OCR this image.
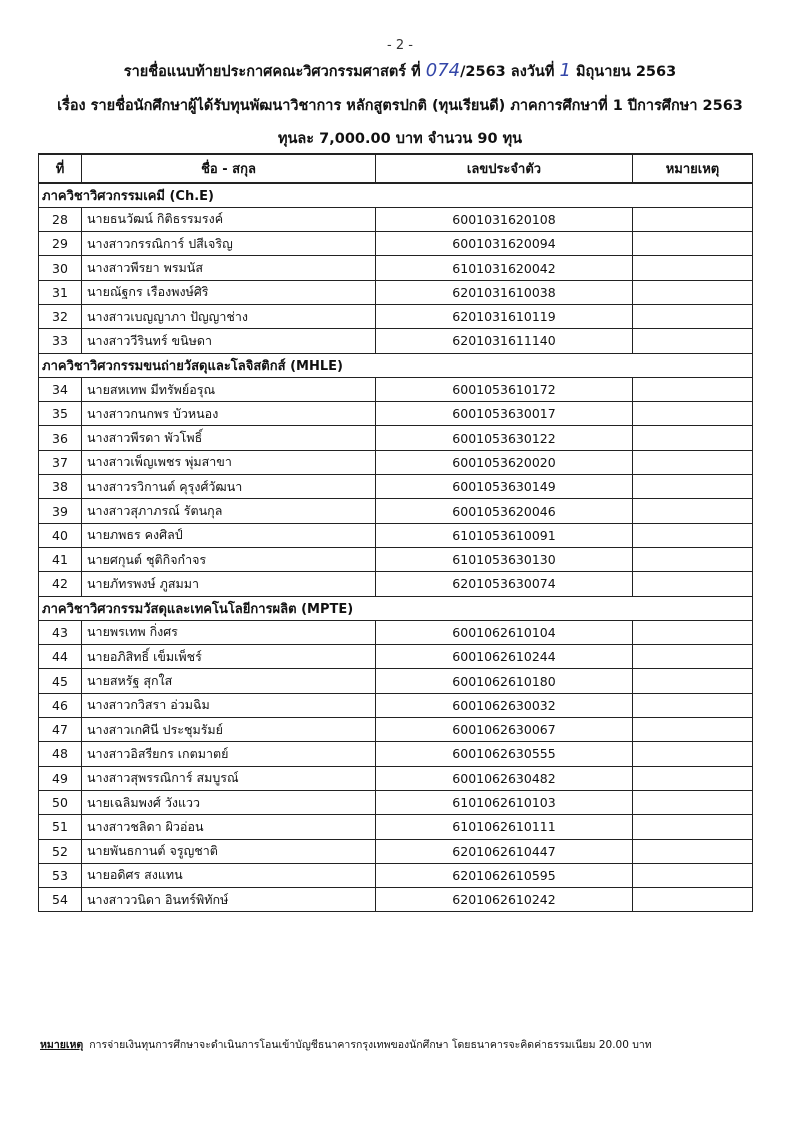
- 2 -
รายชื่อแนบท้ายประกาศคณะวิศวกรรมศาสตร์ ที่ 074/2563 ลงวันที่ 1 มิถุนายน 2563
เรื่อง รายชื่อนักศึกษาผู้ได้รับทุนพัฒนาวิชาการ หลักสูตรปกติ (ทุนเรียนดี) ภาคการศึกษาที่ 1 ปีการศึกษา 2563
ทุนละ 7,000.00 บาท จำนวน 90 ทุน
ที่	ชื่อ - สกุล	เลขประจำตัว	หมายเหตุ
ภาควิชาวิศวกรรมเคมี (Ch.E)			
28	นายธนวัฒน์ กิติธรรมรงค์	6001031620108	
29	นางสาวกรรณิการ์ ปสีเจริญ	6001031620094	
30	นางสาวพีรยา พรมนัส	6101031620042	
31	นายณัฐกร เรืองพงษ์ศิริ	6201031610038	
32	นางสาวเบญญาภา ปัญญาช่าง	6201031610119	
33	นางสาววีรินทร์ ขนิษดา	6201031611140	
ภาควิชาวิศวกรรมขนถ่ายวัสดุและโลจิสติกส์ (MHLE)			
34	นายสหเทพ มีทรัพย์อรุณ	6001053610172	
35	นางสาวกนกพร บัวหนอง	6001053630017	
36	นางสาวพีรดา พัวโพธิ์	6001053630122	
37	นางสาวเพ็ญเพชร พุ่มสาขา	6001053620020	
38	นางสาวรวิกานต์ คุรุงศ์วัฒนา	6001053630149	
39	นางสาวสุภาภรณ์ รัตนกุล	6001053620046	
40	นายภพธร คงศิลป์	6101053610091	
41	นายศกุนต์ ชุติกิจกำจร	6101053630130	
42	นายภัทรพงษ์ ภูสมมา	6201053630074	
ภาควิชาวิศวกรรมวัสดุและเทคโนโลยีการผลิต (MPTE)			
43	นายพรเทพ กิ่งศร	6001062610104	
44	นายอภิสิทธิ์ เข็มเพ็ชร์	6001062610244	
45	นายสหรัฐ สุกใส	6001062610180	
46	นางสาวกวิสรา อ่วมฉิม	6001062630032	
47	นางสาวเกศินี ประชุมรัมย์	6001062630067	
48	นางสาวอิสรียกร เกตมาตย์	6001062630555	
49	นางสาวสุพรรณิการ์ สมบูรณ์	6001062630482	
50	นายเฉลิมพงศ์ วังแวว	6101062610103	
51	นางสาวชลิดา ผิวอ่อน	6101062610111	
52	นายพันธกานต์ จรูญชาติ	6201062610447	
53	นายอดิศร สงแทน	6201062610595	
54	นางสาววนิดา อินทร์พิทักษ์	6201062610242	
หมายเหตุ การจ่ายเงินทุนการศึกษาจะดำเนินการโอนเข้าบัญชีธนาคารกรุงเทพของนักศึกษา โดยธนาคารจะคิดค่าธรรมเนียม 20.00 บาท
